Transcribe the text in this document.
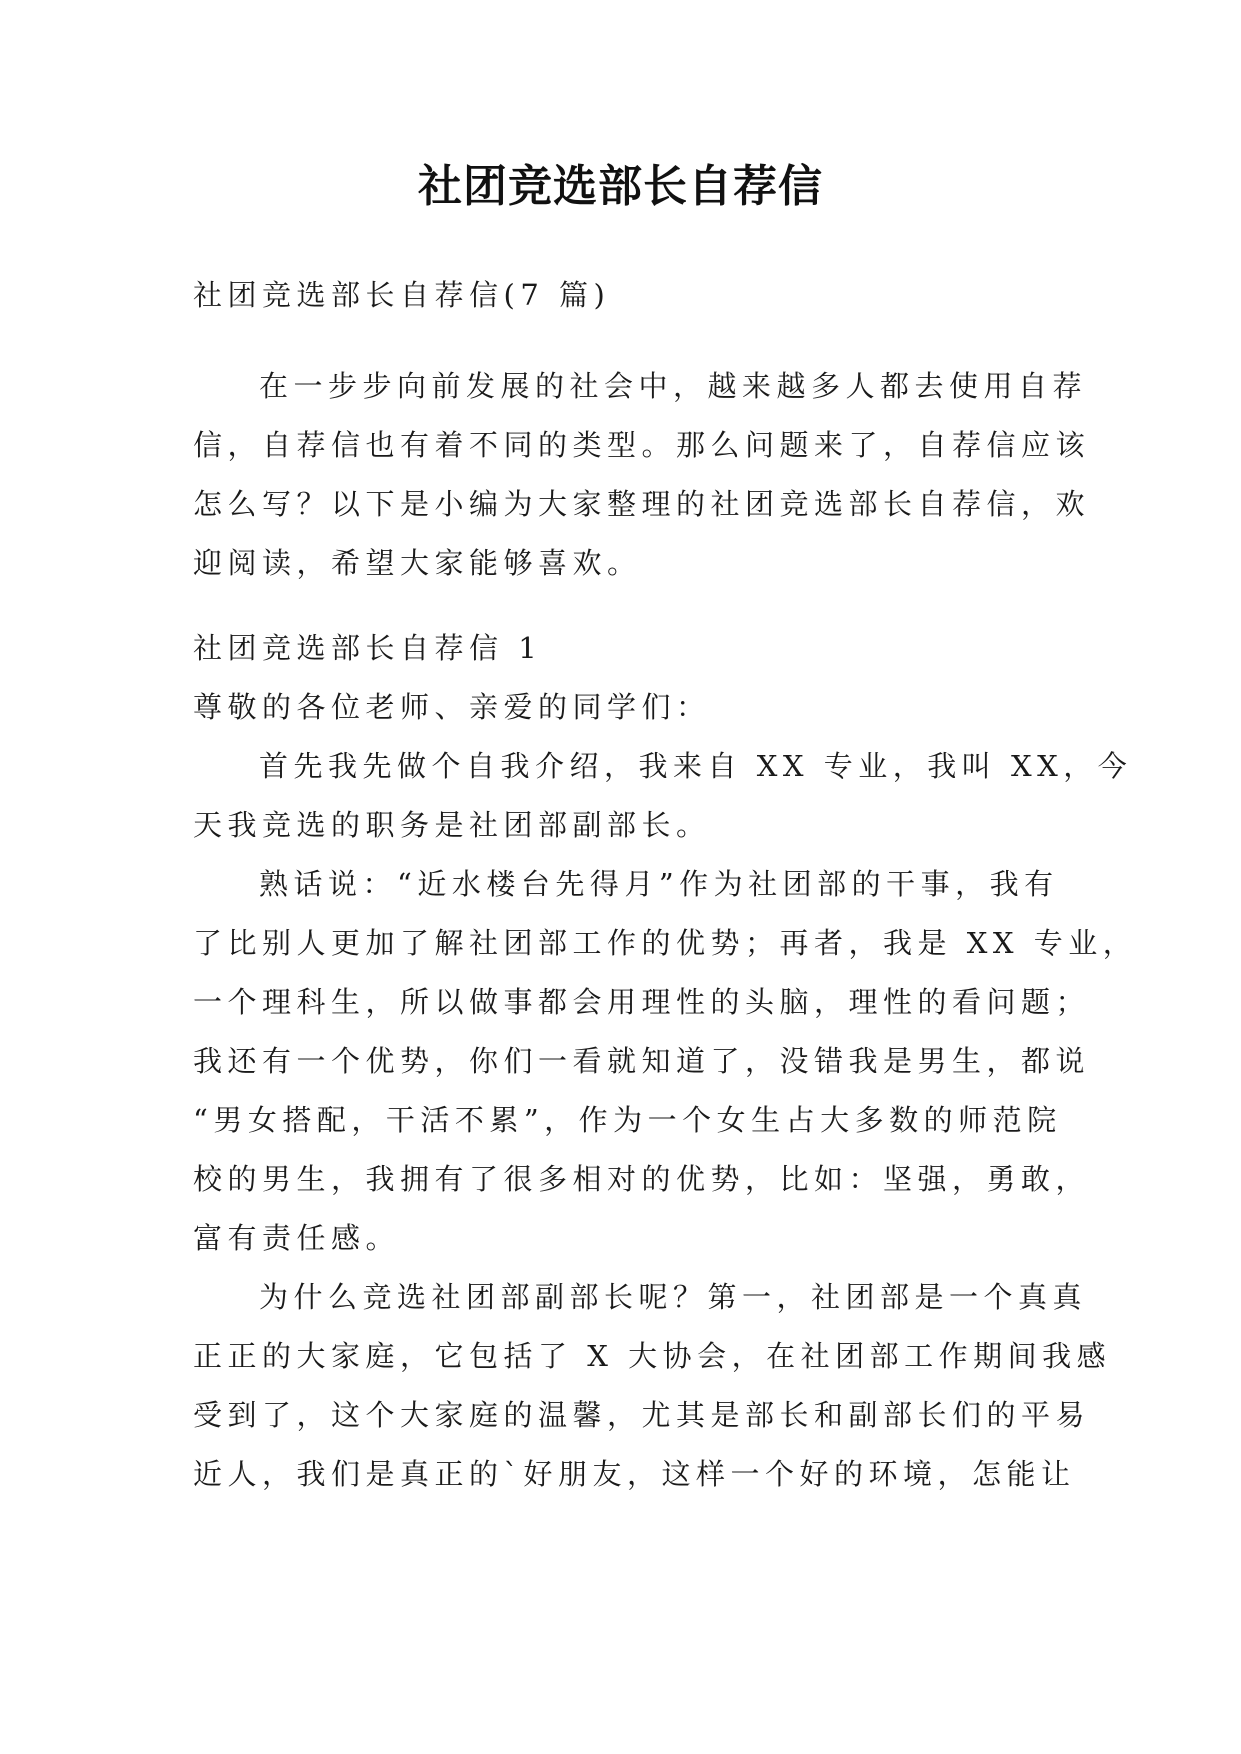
社团竞选部长自荐信
社团竞选部长自荐信(7 篇)
在一步步向前发展的社会中，越来越多人都去使用自荐
信，自荐信也有着不同的类型。那么问题来了，自荐信应该
怎么写？以下是小编为大家整理的社团竞选部长自荐信，欢
迎阅读，希望大家能够喜欢。
社团竞选部长自荐信 1
尊敬的各位老师、亲爱的同学们：
首先我先做个自我介绍，我来自 XX 专业，我叫 XX，今
天我竞选的职务是社团部副部长。
熟话说：“近水楼台先得月”作为社团部的干事，我有
了比别人更加了解社团部工作的优势；再者，我是 XX 专业，
一个理科生，所以做事都会用理性的头脑，理性的看问题；
我还有一个优势，你们一看就知道了，没错我是男生，都说
“男女搭配，干活不累”，作为一个女生占大多数的师范院
校的男生，我拥有了很多相对的优势，比如：坚强，勇敢，
富有责任感。
为什么竞选社团部副部长呢？第一，社团部是一个真真
正正的大家庭，它包括了 X 大协会，在社团部工作期间我感
受到了，这个大家庭的温馨，尤其是部长和副部长们的平易
近人，我们是真正的`好朋友，这样一个好的环境，怎能让
